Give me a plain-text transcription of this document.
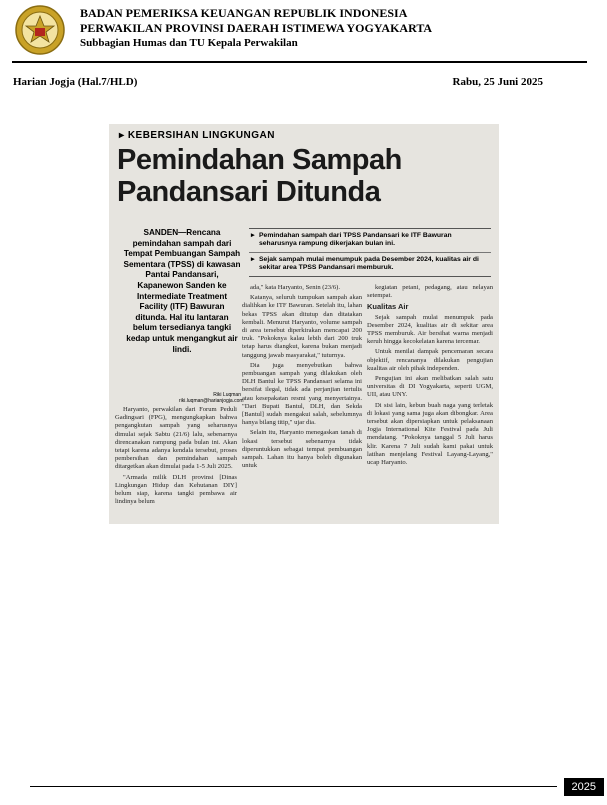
BADAN PEMERIKSA KEUANGAN REPUBLIK INDONESIA
PERWAKILAN PROVINSI DAERAH ISTIMEWA YOGYAKARTA
Subbagian Humas dan TU Kepala Perwakilan
Harian Jogja (Hal.7/HLD)	Rabu, 25 Juni 2025
▸ KEBERSIHAN LINGKUNGAN
Pemindahan Sampah
Pandansari Ditunda
SANDEN—Rencana pemindahan sampah dari Tempat Pembuangan Sampah Sementara (TPSS) di kawasan Pantai Pandansari, Kapanewon Sanden ke Intermediate Treatment Facility (ITF) Bawuran ditunda. Hal itu lantaran belum tersedianya tangki kedap untuk mengangkut air lindi.
Riki Luqman
riki.luqman@harianjogja.com
▸ Pemindahan sampah dari TPSS Pandansari ke ITF Bawuran seharusnya rampung dikerjakan bulan ini.
▸ Sejak sampah mulai menumpuk pada Desember 2024, kualitas air di sekitar area TPSS Pandansari memburuk.

Haryanto, perwakilan dari Forum Peduli Gadingsari (FPG), mengungkapkan bahwa pengangkutan sampah yang seharusnya dimulai sejak Sabtu (21/6) lalu, sebenarnya direncanakan rampung pada bulan ini. Akan tetapi karena adanya kendala tersebut, proses pembersihan dan pemindahan sampah ditargetkan akan dimulai pada 1-5 Juli 2025.

"Armada milik DLH provinsi [Dinas Lingkungan Hidup dan Kehutanan DIY] belum siap, karena tangki pembawa air lindinya belum

ada," kata Haryanto, Senin (23/6).

Katanya, seluruh tumpukan sampah akan dialihkan ke ITF Bawuran. Setelah itu, lahan bekas TPSS akan ditutup dan ditatakan kembali. Menurut Haryanto, volume sampah di area tersebut diperkirakan mencapai 200 truk. "Pokoknya kalau lebih dari 200 truk tetap harus diangkut, karena bukan menjadi tanggung jawab masyarakat," tuturnya.

Dia juga menyebutkan bahwa pembuangan sampah yang dilakukan oleh DLH Bantul ke TPSS Pandansari selama ini bersifat ilegal, tidak ada perjanjian tertulis atau kesepakatan resmi yang menyertainya. "Dari Bupati Bantul, DLH, dan Sekda [Bantul] sudah mengakui salah, sebelumnya hanya bilang titip," ujar dia.

Selain itu, Haryanto menegaskan tanah di lokasi tersebut sebenarnya tidak diperuntukkan sebagai tempat pembuangan sampah. Lahan itu hanya boleh digunakan untuk

kegiatan petani, pedagang, atau nelayan setempat.

Kualitas Air

Sejak sampah mulai menumpuk pada Desember 2024, kualitas air di sekitar area TPSS memburuk. Air bersihat warna menjadi keruh hingga kecokelatan karena tercemar.

Untuk menilai dampak pencemaran secara objektif, rencananya dilakukan pengujian kualitas air oleh pihak independen.

Pengujian ini akan melibatkan salah satu universitas di DI Yogyakarta, seperti UGM, UII, atau UNY.

Di sisi lain, kebun buah naga yang terletak di lokasi yang sama juga akan dibongkar. Area tersebut akan dipersiapkan untuk pelaksanaan Jogja International Kite Festival pada Juli mendatang. "Pokoknya tanggal 5 Juli harus klir. Karena 7 Juli sudah kami pakai untuk latihan menjelang Festival Layang-Layang," ucap Haryanto.

2025
